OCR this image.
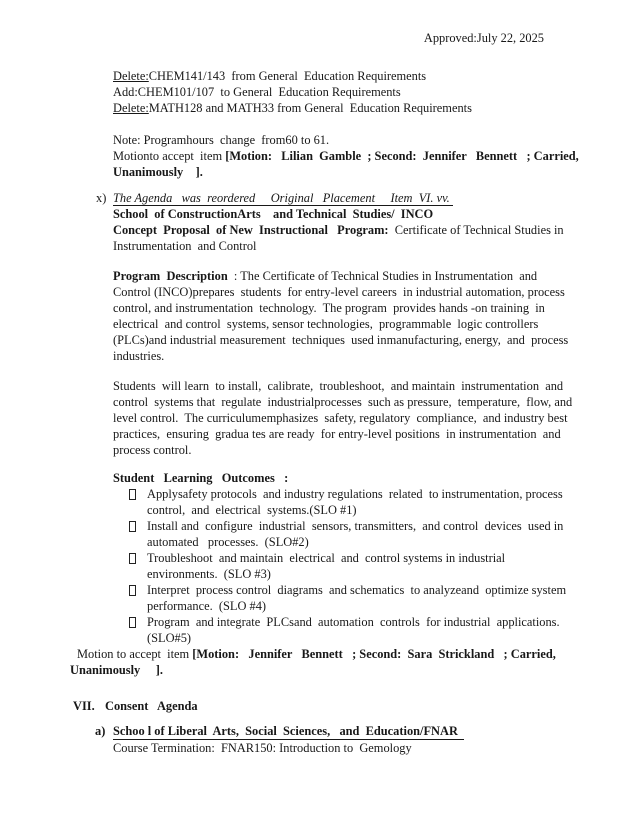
Approved:July 22, 2025
Delete:CHEM141/143  from General  Education Requirements
Add:CHEM101/107  to General  Education Requirements
Delete:MATH128 and MATH33 from General  Education Requirements
Note: Programhours  change  from60 to 61.
Motionto accept  item [Motion:   Lilian  Gamble  ; Second:  Jennifer   Bennett   ; Carried,
Unanimously    ].
x) The Agenda   was  reordered     Original   Placement     Item  VI. vv.
School  of ConstructionArts    and Technical  Studies/  INCO
Concept  Proposal  of New  Instructional   Program:  Certificate of Technical Studies in Instrumentation  and Control

Program  Description  : The Certificate of Technical Studies in Instrumentation  and Control (INCO)prepares  students  for entry-level careers  in industrial automation, process control, and instrumentation  technology.  The program  provides hands -on training  in electrical  and control  systems, sensor technologies,  programmable  logic controllers  (PLCs)and industrial measurement  techniques  used inmanufacturing, energy,  and  process industries.

Students  will learn  to install,  calibrate,  troubleshoot,  and maintain  instrumentation  and control  systems that  regulate  industrialprocesses  such as pressure,  temperature,  flow, and level control.  The curriculumemphasizes  safety, regulatory  compliance,  and industry best  practices,  ensuring  gradua tes are ready  for entry-level positions  in instrumentation  and  process control.

Student   Learning   Outcomes   :
Applysafety protocols  and industry regulations  related  to instrumentation, process control,  and  electrical  systems.(SLO #1)
Install and  configure  industrial  sensors, transmitters,  and control  devices  used in automated   processes.  (SLO#2)
Troubleshoot  and maintain  electrical  and  control systems in industrial environments.  (SLO #3)
Interpret  process control  diagrams  and schematics  to analyzeand  optimize system performance.  (SLO #4)
Program  and integrate  PLCsand  automation  controls  for industrial  applications. (SLO#5)
Motion to accept  item [Motion:   Jennifer   Bennett   ; Second:  Sara  Strickland   ; Carried,
Unanimously     ].
VII. Consent   Agenda
a) Schoo l of Liberal  Arts,  Social  Sciences,   and  Education/FNAR
Course Termination:  FNAR150: Introduction to  Gemology
